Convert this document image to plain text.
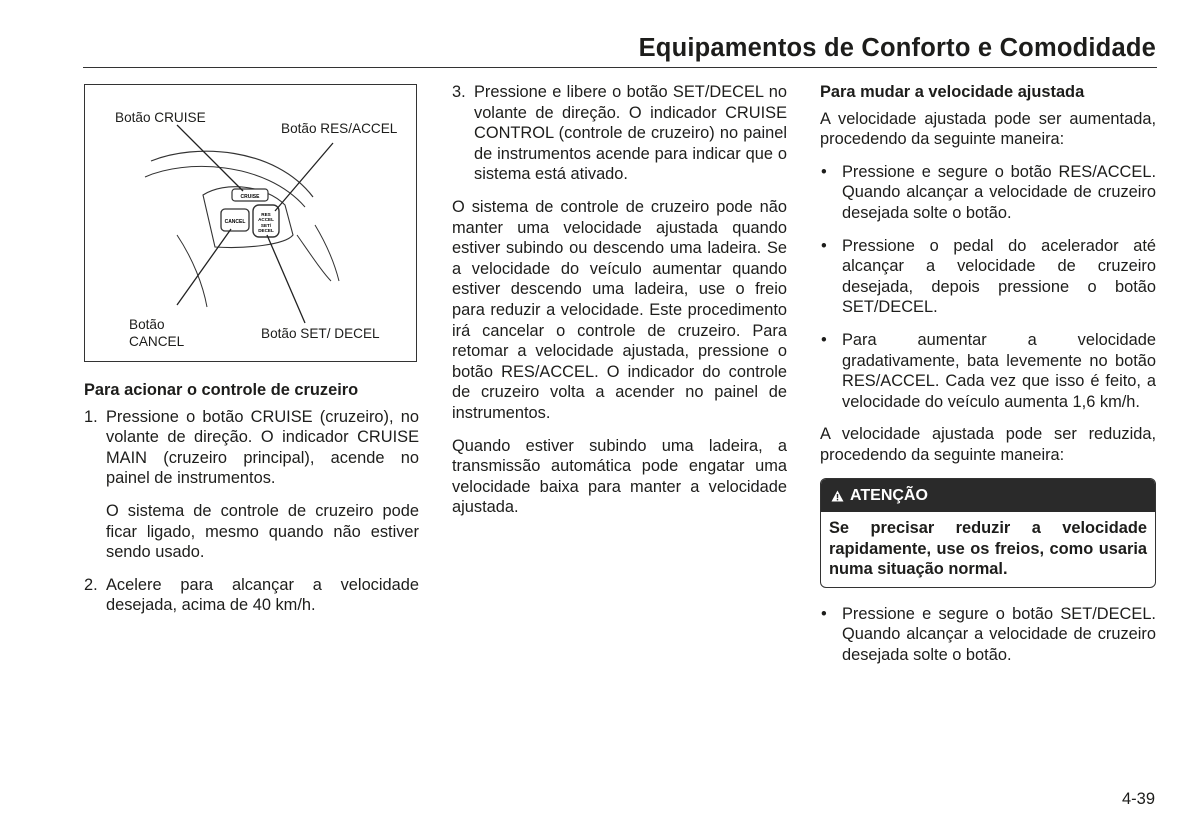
Equipamentos de Conforto e Comodidade
CRUISE
CANCEL
RES
ACCEL
SET/
DECEL
Botão CRUISE
Botão RES/ACCEL
Botão
CANCEL	Botão SET/ DECEL
Para acionar o controle de cruzeiro
1. Pressione o botão CRUISE (cruzeiro), no volante de direção. O indicador CRUISE MAIN (cruzeiro principal), acende no painel de instrumentos.

O sistema de controle de cruzeiro pode ficar ligado, mesmo quando não estiver sendo usado.

2. Acelere para alcançar a velocidade desejada, acima de 40 km/h.

3. Pressione e libere o botão SET/DECEL no volante de direção. O indicador CRUISE CONTROL (controle de cruzeiro) no painel de instrumentos acende para indicar que o sistema está ativado.

O sistema de controle de cruzeiro pode não manter uma velocidade ajustada quando estiver subindo ou descendo uma ladeira. Se a velocidade do veículo aumentar quando estiver descendo uma ladeira, use o freio para reduzir a velocidade. Este procedimento irá cancelar o controle de cruzeiro. Para retomar a velocidade ajustada, pressione o botão RES/ACCEL. O indicador do controle de cruzeiro volta a acender no painel de instrumentos.

Quando estiver subindo uma ladeira, a transmissão automática pode engatar uma velocidade baixa para manter a velocidade ajustada.

Para mudar a velocidade ajustada

A velocidade ajustada pode ser aumentada, procedendo da seguinte maneira:

• Pressione e segure o botão RES/ACCEL. Quando alcançar a velocidade de cruzeiro desejada solte o botão.
• Pressione o pedal do acelerador até alcançar a velocidade de cruzeiro desejada, depois pressione o botão SET/DECEL.
• Para aumentar a velocidade gradativamente, bata levemente no botão RES/ACCEL. Cada vez que isso é feito, a velocidade do veículo aumenta 1,6 km/h.

A velocidade ajustada pode ser reduzida, procedendo da seguinte maneira:

ATENÇÃO
Se precisar reduzir a velocidade rapidamente, use os freios, como usaria numa situação normal.
• Pressione e segure o botão SET/DECEL. Quando alcançar a velocidade de cruzeiro desejada solte o botão.
4-39
